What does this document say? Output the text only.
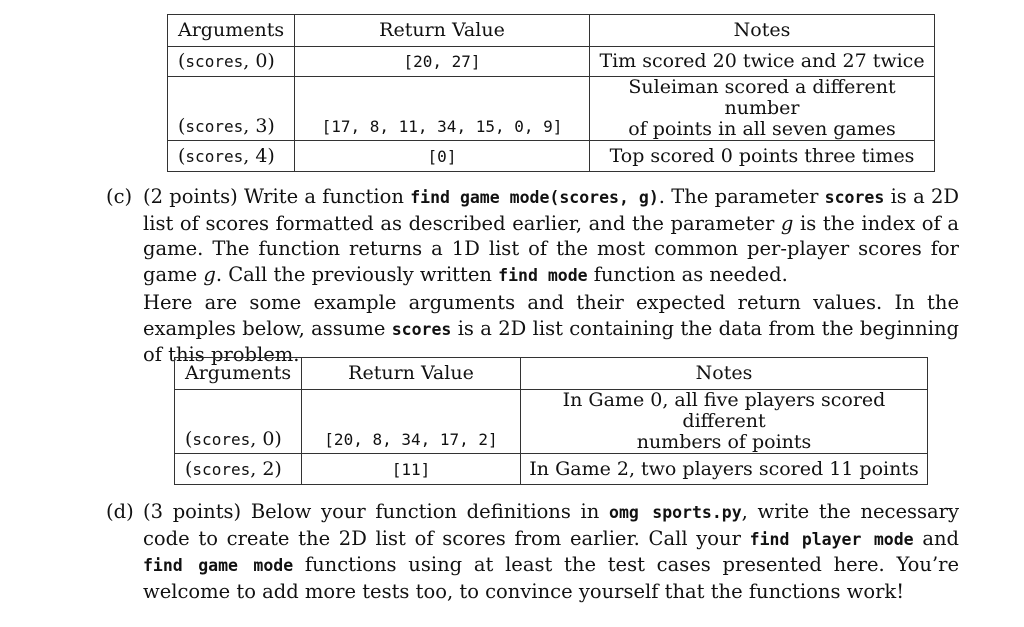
Arguments	Return Value	Notes
(scores, 0)	[20, 27]	Tim scored 20 twice and 27 twice
(scores, 3)	[17, 8, 11, 34, 15, 0, 9]	Suleiman scored a different number
of points in all seven games
(scores, 4)	[0]	Top scored 0 points three times
(c) (2 points) Write a function find game mode(scores, g). The parameter scores is a 2D list of scores formatted as described earlier, and the parameter g is the index of a game. The function returns a 1D list of the most common per-player scores for game g. Call the previously written find mode function as needed.
Here are some example arguments and their expected return values. In the examples below, assume scores is a 2D list containing the data from the beginning of this problem.
Arguments	Return Value	Notes
(scores, 0)	[20, 8, 34, 17, 2]	In Game 0, all five players scored different
numbers of points
(scores, 2)	[11]	In Game 2, two players scored 11 points
(d) (3 points) Below your function definitions in omg sports.py, write the necessary code to create the 2D list of scores from earlier. Call your find player mode and find game mode functions using at least the test cases presented here. You’re welcome to add more tests too, to convince yourself that the functions work!
